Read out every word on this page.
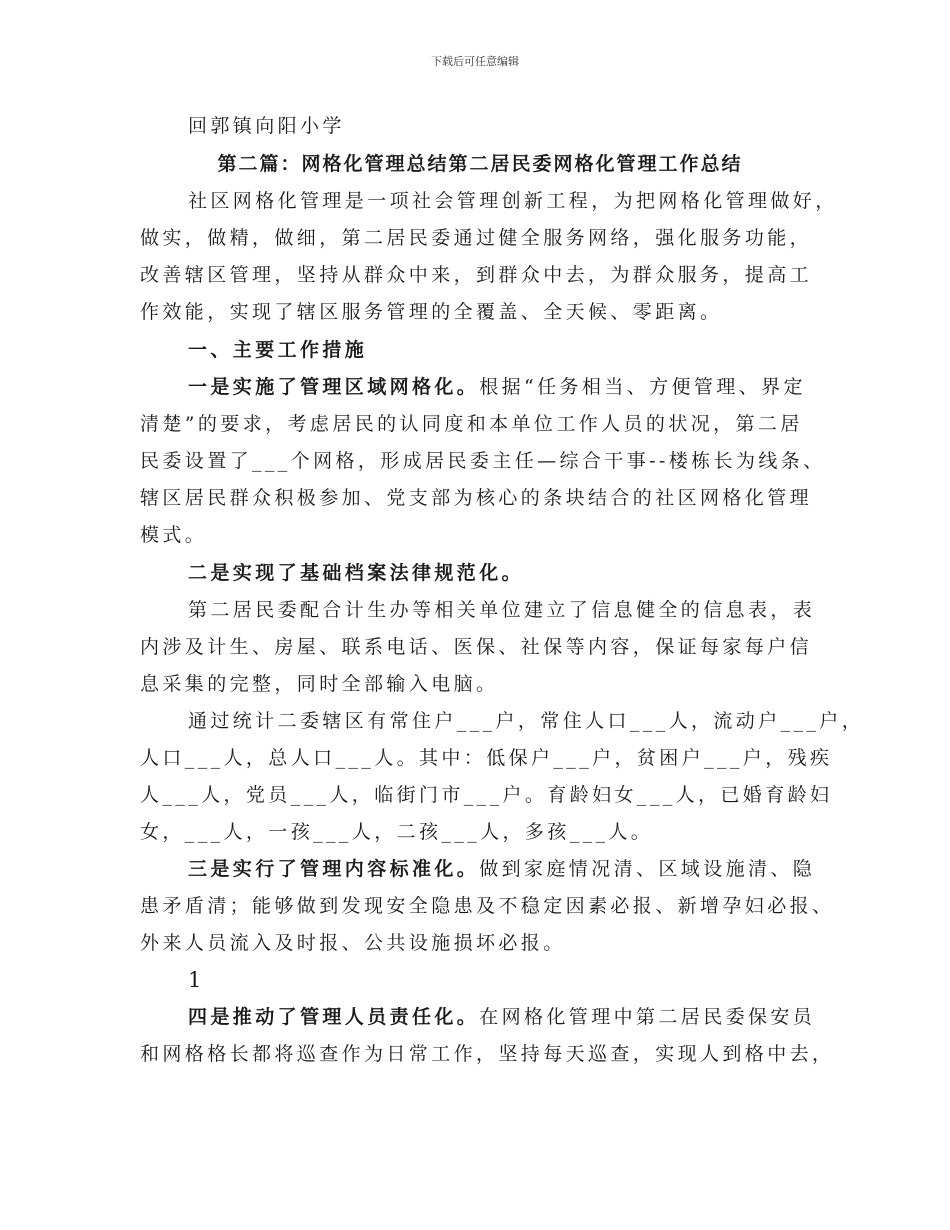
下载后可任意编辑
回郭镇向阳小学
第二篇：网格化管理总结第二居民委网格化管理工作总结
社区网格化管理是一项社会管理创新工程，为把网格化管理做好，
做实，做精，做细，第二居民委通过健全服务网络，强化服务功能，
改善辖区管理，坚持从群众中来，到群众中去，为群众服务，提高工
作效能，实现了辖区服务管理的全覆盖、全天候、零距离。
一、主要工作措施
一是实施了管理区域网格化。根据“任务相当、方便管理、界定
清楚”的要求，考虑居民的认同度和本单位工作人员的状况，第二居
民委设置了___个网格，形成居民委主任—综合干事--楼栋长为线条、
辖区居民群众积极参加、党支部为核心的条块结合的社区网格化管理
模式。
二是实现了基础档案法律规范化。
第二居民委配合计生办等相关单位建立了信息健全的信息表，表
内涉及计生、房屋、联系电话、医保、社保等内容，保证每家每户信
息采集的完整，同时全部输入电脑。
通过统计二委辖区有常住户___户，常住人口___人，流动户___户，
人口___人，总人口___人。其中：低保户___户，贫困户___户，残疾
人___人，党员___人，临街门市___户。育龄妇女___人，已婚育龄妇
女，___人，一孩___人，二孩___人，多孩___人。
三是实行了管理内容标准化。做到家庭情况清、区域设施清、隐
患矛盾清；能够做到发现安全隐患及不稳定因素必报、新增孕妇必报、
外来人员流入及时报、公共设施损坏必报。
1
四是推动了管理人员责任化。在网格化管理中第二居民委保安员
和网格格长都将巡查作为日常工作，坚持每天巡查，实现人到格中去，
